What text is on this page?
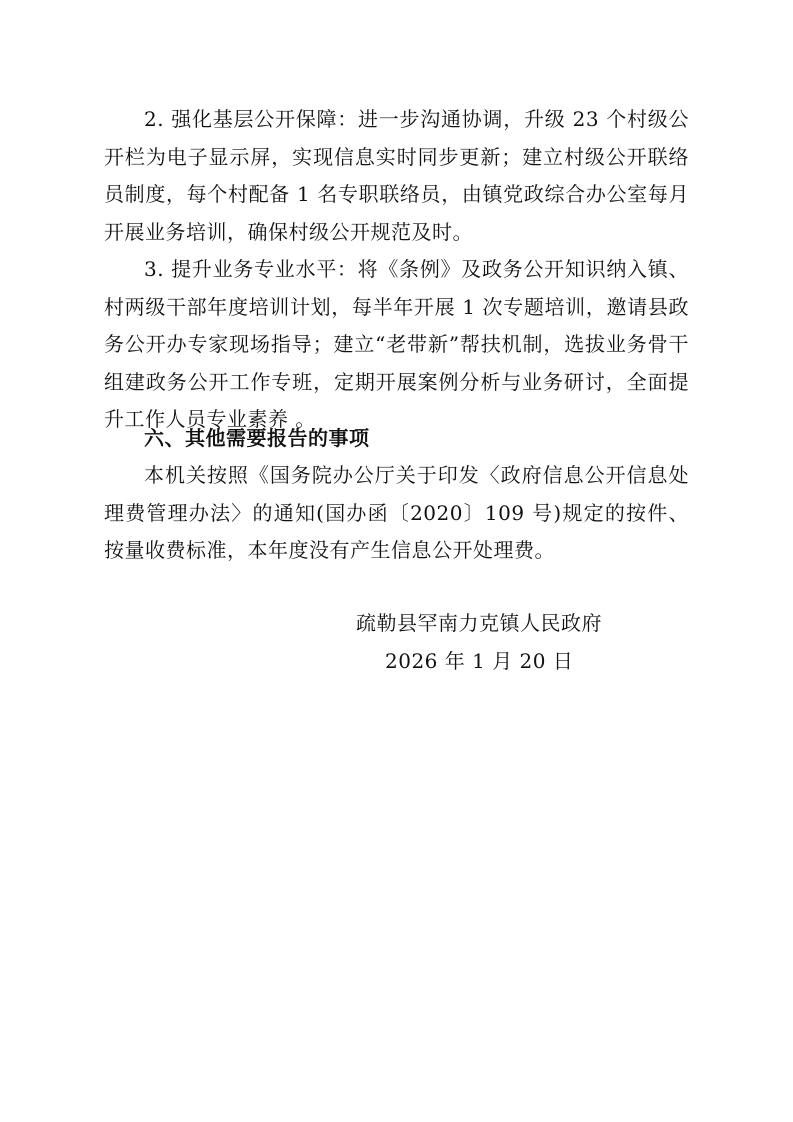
2. 强化基层公开保障：进一步沟通协调，升级 23 个村级公开栏为电子显示屏，实现信息实时同步更新；建立村级公开联络员制度，每个村配备 1 名专职联络员，由镇党政综合办公室每月开展业务培训，确保村级公开规范及时。

3. 提升业务专业水平：将《条例》及政务公开知识纳入镇、村两级干部年度培训计划，每半年开展 1 次专题培训，邀请县政务公开办专家现场指导；建立“老带新”帮扶机制，选拔业务骨干组建政务公开工作专班，定期开展案例分析与业务研讨，全面提升工作人员专业素养 。

六、其他需要报告的事项

本机关按照《国务院办公厅关于印发〈政府信息公开信息处理费管理办法〉的通知(国办函〔2020〕109 号)规定的按件、按量收费标准，本年度没有产生信息公开处理费。

疏勒县罕南力克镇人民政府

2026 年 1 月 20 日
